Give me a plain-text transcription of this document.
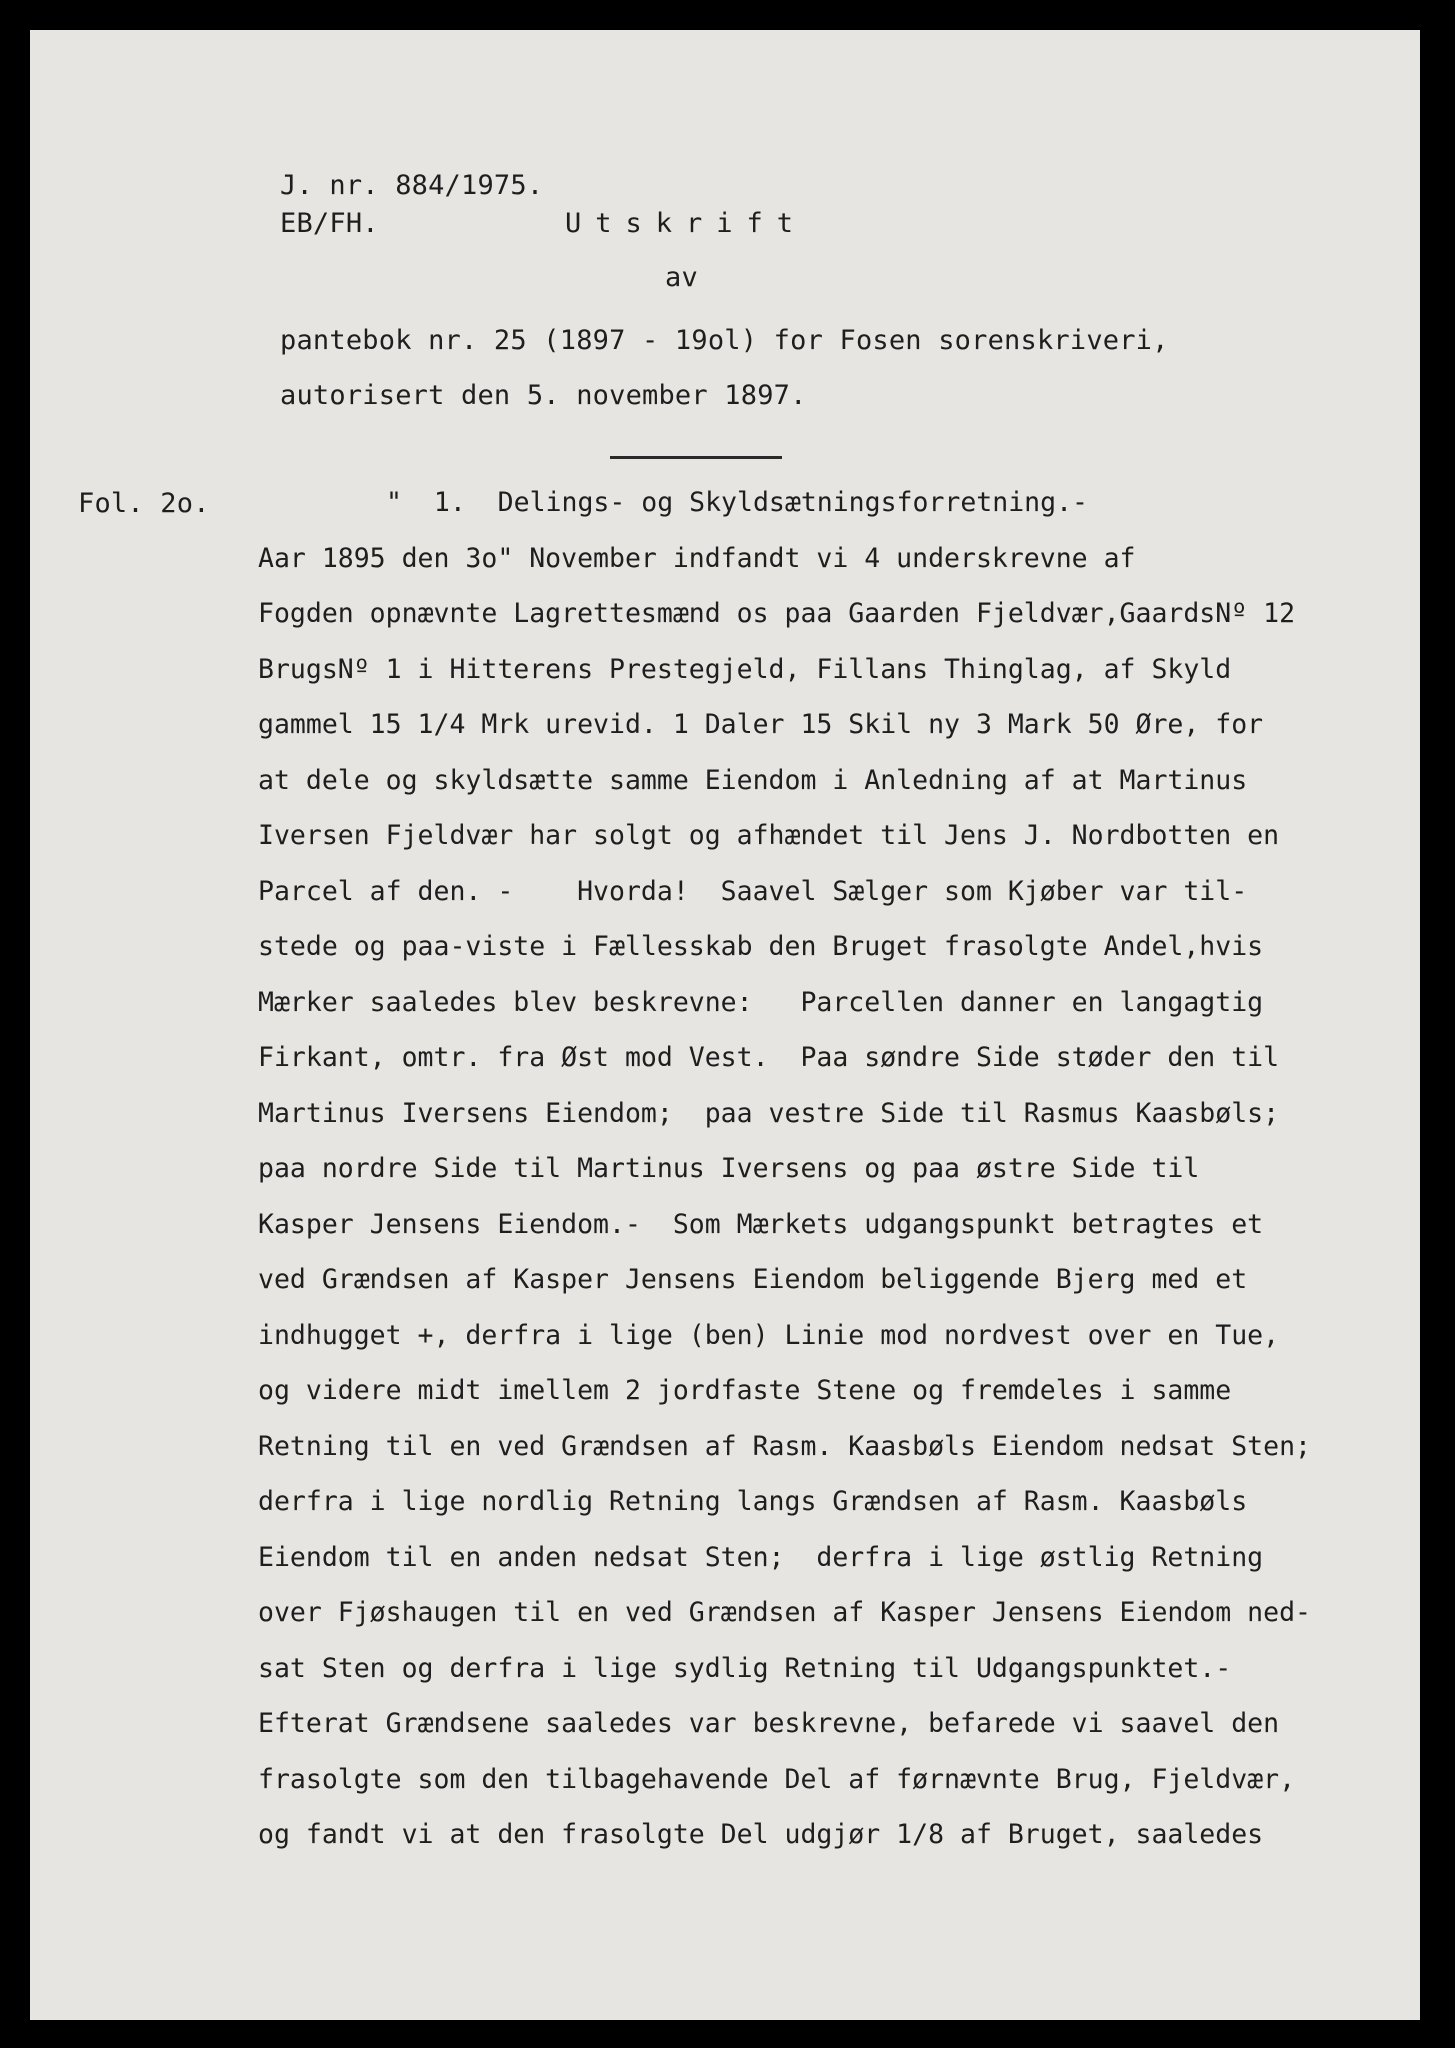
J. nr. 884/1975.
EB/FH.	Utskrift
av
pantebok nr. 25 (1897 - 19ol) for Fosen sorenskriveri,
autorisert den 5. november 1897.
Fol. 2o.	"  1.  Delings- og Skyldsætningsforretning.-
Aar 1895 den 3o" November indfandt vi 4 underskrevne af
Fogden opnævnte Lagrettesmænd os paa Gaarden Fjeldvær,GaardsNº 12
BrugsNº 1 i Hitterens Prestegjeld, Fillans Thinglag, af Skyld
gammel 15 1/4 Mrk urevid. 1 Daler 15 Skil ny 3 Mark 50 Øre, for
at dele og skyldsætte samme Eiendom i Anledning af at Martinus
Iversen Fjeldvær har solgt og afhændet til Jens J. Nordbotten en
Parcel af den. -    Hvorda!  Saavel Sælger som Kjøber var til-
stede og paa-viste i Fællesskab den Bruget frasolgte Andel,hvis
Mærker saaledes blev beskrevne:   Parcellen danner en langagtig
Firkant, omtr. fra Øst mod Vest.  Paa søndre Side støder den til
Martinus Iversens Eiendom;  paa vestre Side til Rasmus Kaasbøls;
paa nordre Side til Martinus Iversens og paa østre Side til
Kasper Jensens Eiendom.-  Som Mærkets udgangspunkt betragtes et
ved Grændsen af Kasper Jensens Eiendom beliggende Bjerg med et
indhugget +, derfra i lige (ben) Linie mod nordvest over en Tue,
og videre midt imellem 2 jordfaste Stene og fremdeles i samme
Retning til en ved Grændsen af Rasm. Kaasbøls Eiendom nedsat Sten;
derfra i lige nordlig Retning langs Grændsen af Rasm. Kaasbøls
Eiendom til en anden nedsat Sten;  derfra i lige østlig Retning
over Fjøshaugen til en ved Grændsen af Kasper Jensens Eiendom ned-
sat Sten og derfra i lige sydlig Retning til Udgangspunktet.-
Efterat Grændsene saaledes var beskrevne, befarede vi saavel den
frasolgte som den tilbagehavende Del af førnævnte Brug, Fjeldvær,
og fandt vi at den frasolgte Del udgjør 1/8 af Bruget, saaledes
